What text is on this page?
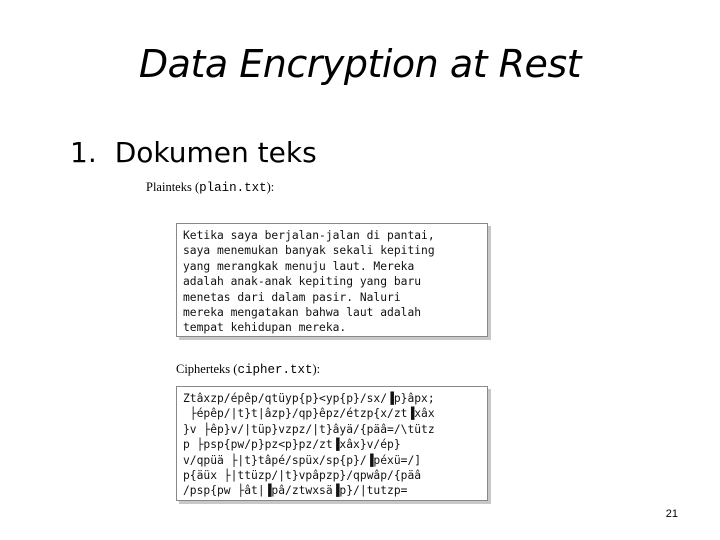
Data Encryption at Rest
1. Dokumen teks
Plainteks (plain.txt):
Ketika saya berjalan-jalan di pantai,
saya menemukan banyak sekali kepiting
yang merangkak menuju laut. Mereka
adalah anak-anak kepiting yang baru
menetas dari dalam pasir. Naluri
mereka mengatakan bahwa laut adalah
tempat kehidupan mereka.
Cipherteks (cipher.txt):
Ztâxzp/épêp/qtüyp{p}<yp{p}/sx/▐p}âpx;
├épêp/|t}t|âzp}/qp}êpz/étzp{x/zt▐xâx
}v ├êp}v/|tüp}vzpz/|t}âyä/{päâ=/\tütz
p ├psp{pw/p}pz<p}pz/zt▐xâx}v/ép}
v/qpüä ├|t}tâpé/spüx/sp{p}/▐péxü=/]
p{äüx ├|ttüzp/|t}vpâpzp}/qpwâp/{päâ
/psp{pw ├ât|▐pâ/ztwxsä▐p}/|tutzp=
21
